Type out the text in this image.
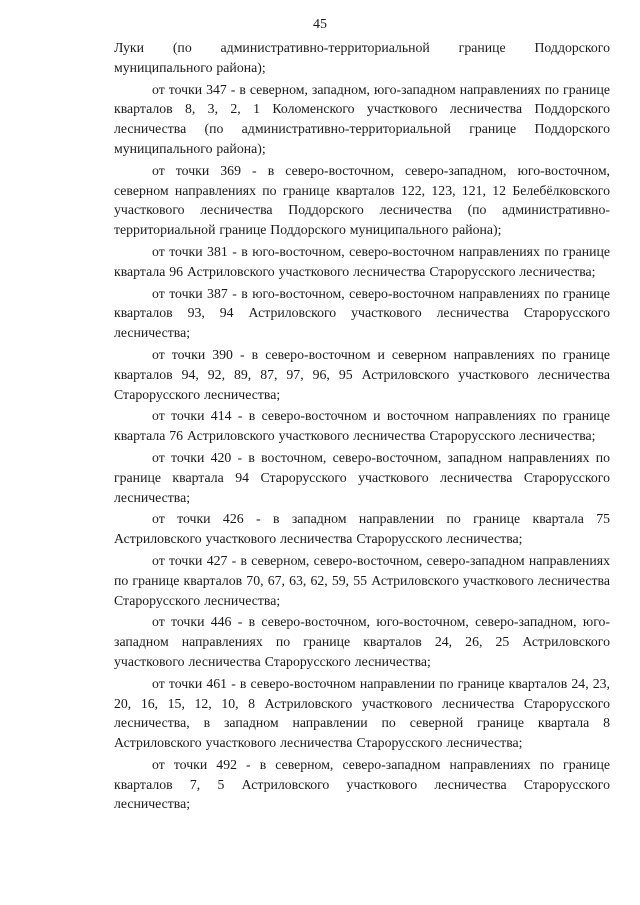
45

Луки (по административно-территориальной границе Поддорского муниципального района);

от точки 347 - в северном, западном, юго-западном направлениях по границе кварталов 8, 3, 2, 1 Коломенского участкового лесничества Поддорского лесничества (по административно-территориальной границе Поддорского муниципального района);

от точки 369 - в северо-восточном, северо-западном, юго-восточном, северном направлениях по границе кварталов 122, 123, 121, 12 Белебёлковского участкового лесничества Поддорского лесничества (по административно-территориальной границе Поддорского муниципального района);

от точки 381 - в юго-восточном, северо-восточном направлениях по границе квартала 96 Астриловского участкового лесничества Старорусского лесничества;

от точки 387 - в юго-восточном, северо-восточном направлениях по границе кварталов 93, 94 Астриловского участкового лесничества Старорусского лесничества;

от точки 390 - в северо-восточном и северном направлениях по границе кварталов 94, 92, 89, 87, 97, 96, 95 Астриловского участкового лесничества Старорусского лесничества;

от точки 414 - в северо-восточном и восточном направлениях по границе квартала 76 Астриловского участкового лесничества Старорусского лесничества;

от точки 420 - в восточном, северо-восточном, западном направлениях по границе квартала 94 Старорусского участкового лесничества Старорусского лесничества;

от точки 426 - в западном направлении по границе квартала 75 Астриловского участкового лесничества Старорусского лесничества;

от точки 427 - в северном, северо-восточном, северо-западном направлениях по границе кварталов 70, 67, 63, 62, 59, 55 Астриловского участкового лесничества Старорусского лесничества;

от точки 446 - в северо-восточном, юго-восточном, северо-западном, юго-западном направлениях по границе кварталов 24, 26, 25 Астриловского участкового лесничества Старорусского лесничества;

от точки 461 - в северо-восточном направлении по границе кварталов 24, 23, 20, 16, 15, 12, 10, 8 Астриловского участкового лесничества Старорусского лесничества, в западном направлении по северной границе квартала 8 Астриловского участкового лесничества Старорусского лесничества;

от точки 492 - в северном, северо-западном направлениях по границе кварталов 7, 5 Астриловского участкового лесничества Старорусского лесничества;
